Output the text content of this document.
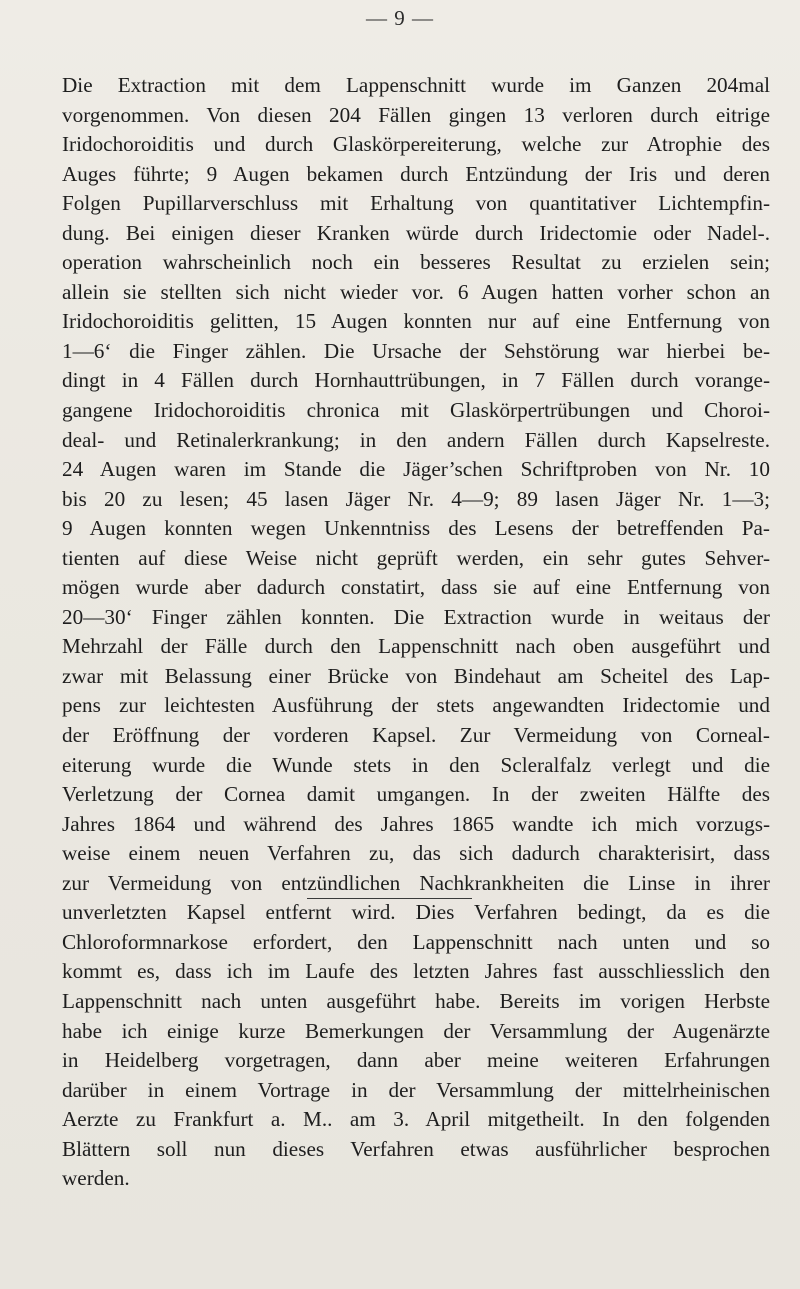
— 9 —
Die Extraction mit dem Lappenschnitt wurde im Ganzen 204mal
vorgenommen. Von diesen 204 Fällen gingen 13 verloren durch eitrige
Iridochoroiditis und durch Glaskörpereiterung, welche zur Atrophie des
Auges führte; 9 Augen bekamen durch Entzündung der Iris und deren
Folgen Pupillarverschluss mit Erhaltung von quantitativer Lichtempfin-
dung. Bei einigen dieser Kranken würde durch Iridectomie oder Nadel-.
operation wahrscheinlich noch ein besseres Resultat zu erzielen sein;
allein sie stellten sich nicht wieder vor. 6 Augen hatten vorher schon an
Iridochoroiditis gelitten, 15 Augen konnten nur auf eine Entfernung von
1—6‘ die Finger zählen. Die Ursache der Sehstörung war hierbei be-
dingt in 4 Fällen durch Hornhauttrübungen, in 7 Fällen durch vorange-
gangene Iridochoroiditis chronica mit Glaskörpertrübungen und Choroi-
deal- und Retinalerkrankung; in den andern Fällen durch Kapselreste.
24 Augen waren im Stande die Jäger’schen Schriftproben von Nr. 10
bis 20 zu lesen; 45 lasen Jäger Nr. 4—9; 89 lasen Jäger Nr. 1—3;
9 Augen konnten wegen Unkenntniss des Lesens der betreffenden Pa-
tienten auf diese Weise nicht geprüft werden, ein sehr gutes Sehver-
mögen wurde aber dadurch constatirt, dass sie auf eine Entfernung von
20—30‘ Finger zählen konnten. Die Extraction wurde in weitaus der
Mehrzahl der Fälle durch den Lappenschnitt nach oben ausgeführt und
zwar mit Belassung einer Brücke von Bindehaut am Scheitel des Lap-
pens zur leichtesten Ausführung der stets angewandten Iridectomie und
der Eröffnung der vorderen Kapsel. Zur Vermeidung von Corneal-
eiterung wurde die Wunde stets in den Scleralfalz verlegt und die
Verletzung der Cornea damit umgangen. In der zweiten Hälfte des
Jahres 1864 und während des Jahres 1865 wandte ich mich vorzugs-
weise einem neuen Verfahren zu, das sich dadurch charakterisirt, dass
zur Vermeidung von entzündlichen Nachkrankheiten die Linse in ihrer
unverletzten Kapsel entfernt wird. Dies Verfahren bedingt, da es die
Chloroformnarkose erfordert, den Lappenschnitt nach unten und so
kommt es, dass ich im Laufe des letzten Jahres fast ausschliesslich den
Lappenschnitt nach unten ausgeführt habe. Bereits im vorigen Herbste
habe ich einige kurze Bemerkungen der Versammlung der Augenärzte
in Heidelberg vorgetragen, dann aber meine weiteren Erfahrungen
darüber in einem Vortrage in der Versammlung der mittelrheinischen
Aerzte zu Frankfurt a. M.. am 3. April mitgetheilt. In den folgenden
Blättern soll nun dieses Verfahren etwas ausführlicher besprochen
werden.
